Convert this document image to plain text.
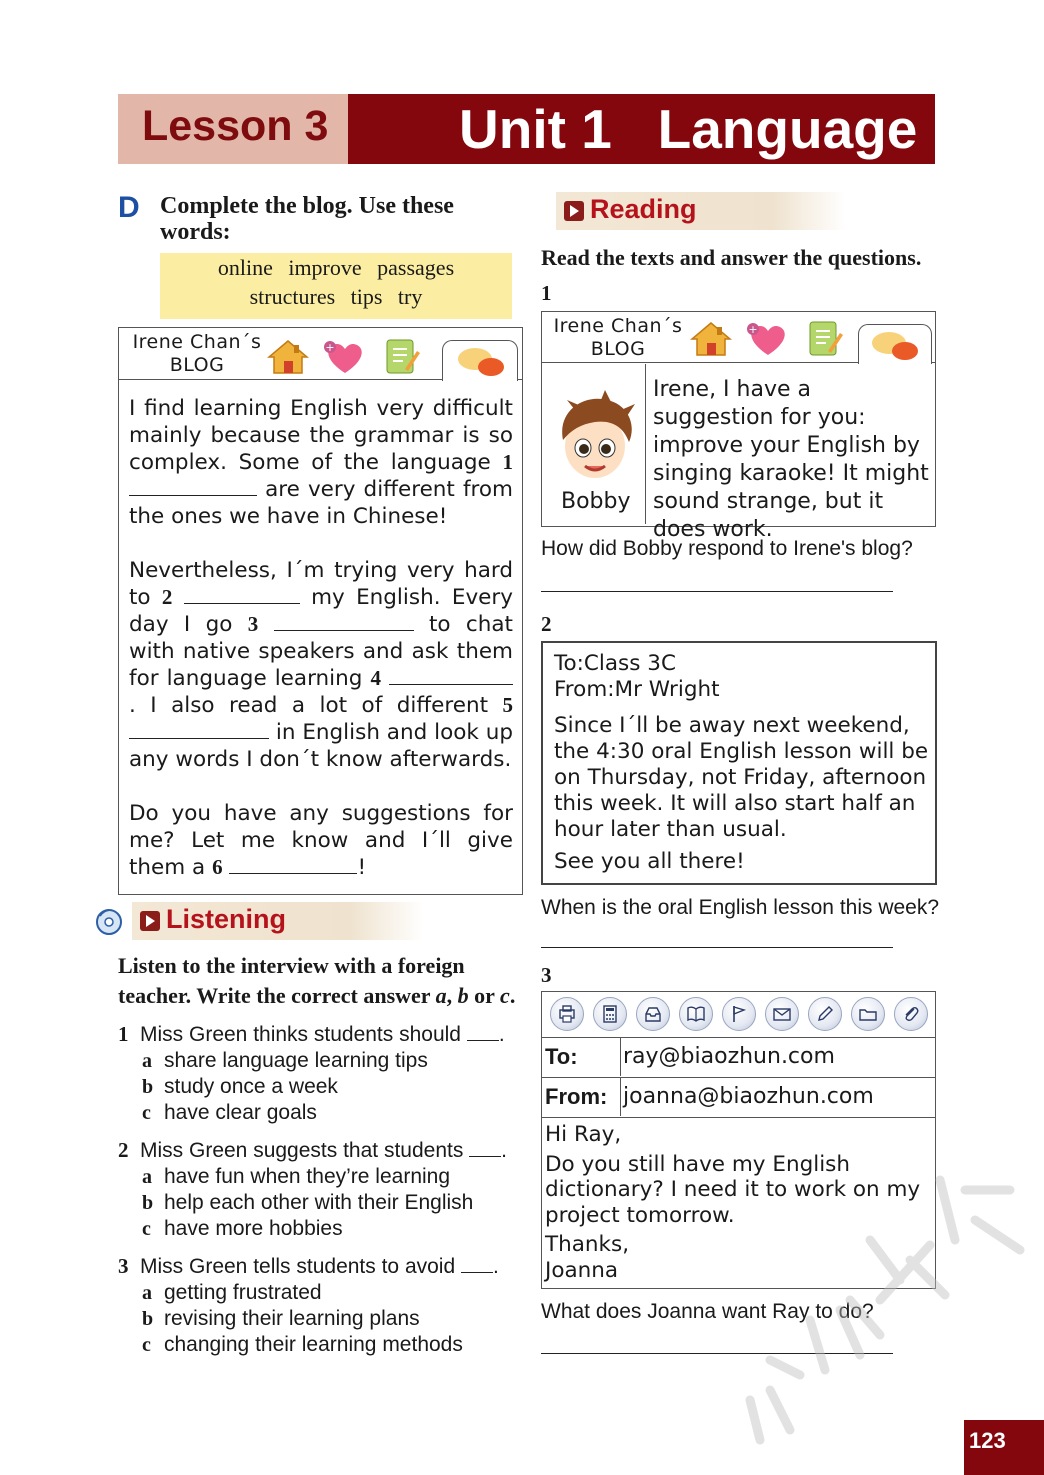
Lesson 3 Unit 1   Language
D Complete the blog. Use these words:
online improve passages
structures tips try
Irene Chan´s
BLOG
+

I find learning English very difficult mainly because the grammar is so complex. Some of the language 1  are very different from the ones we have in Chinese!

Nevertheless, I´m trying very hard to 2	my English. Every day I go 3	to chat with native speakers and ask them for language learning 4 . I also read a lot of different 5  in English and look up any words I don´t know afterwards.

Do you have any suggestions for me? Let me know and I´ll give them a 6	!

Listening
Listen to the interview with a foreign teacher. Write the correct answer a, b or c.
1 Miss Green thinks students should .
a share language learning tips
b study once a week
c have clear goals
2 Miss Green suggests that students .
a have fun when they’re learning
b help each other with their English
c have more hobbies
3 Miss Green tells students to avoid .
a getting frustrated
b revising their learning plans
c changing their learning methods
Reading
Read the texts and answer the questions.
1
Irene Chan´s
BLOG
+
Bobby
Irene, I have a suggestion for you: improve your English by singing karaoke! It might sound strange, but it does work.
How did Bobby respond to Irene's blog?
2
To:Class 3C
From:Mr Wright
Since I´ll be away next weekend, the 4:30 oral English lesson will be on Thursday, not Friday, afternoon this week. It will also start half an hour later than usual.
See you all there!
When is the oral English lesson this week?
3
To: ray@biaozhun.com
From: joanna@biaozhun.com
Hi Ray,
Do you still have my English dictionary? I need it to work on my project tomorrow.
Thanks,
Joanna
What does Joanna want Ray to do?
123
